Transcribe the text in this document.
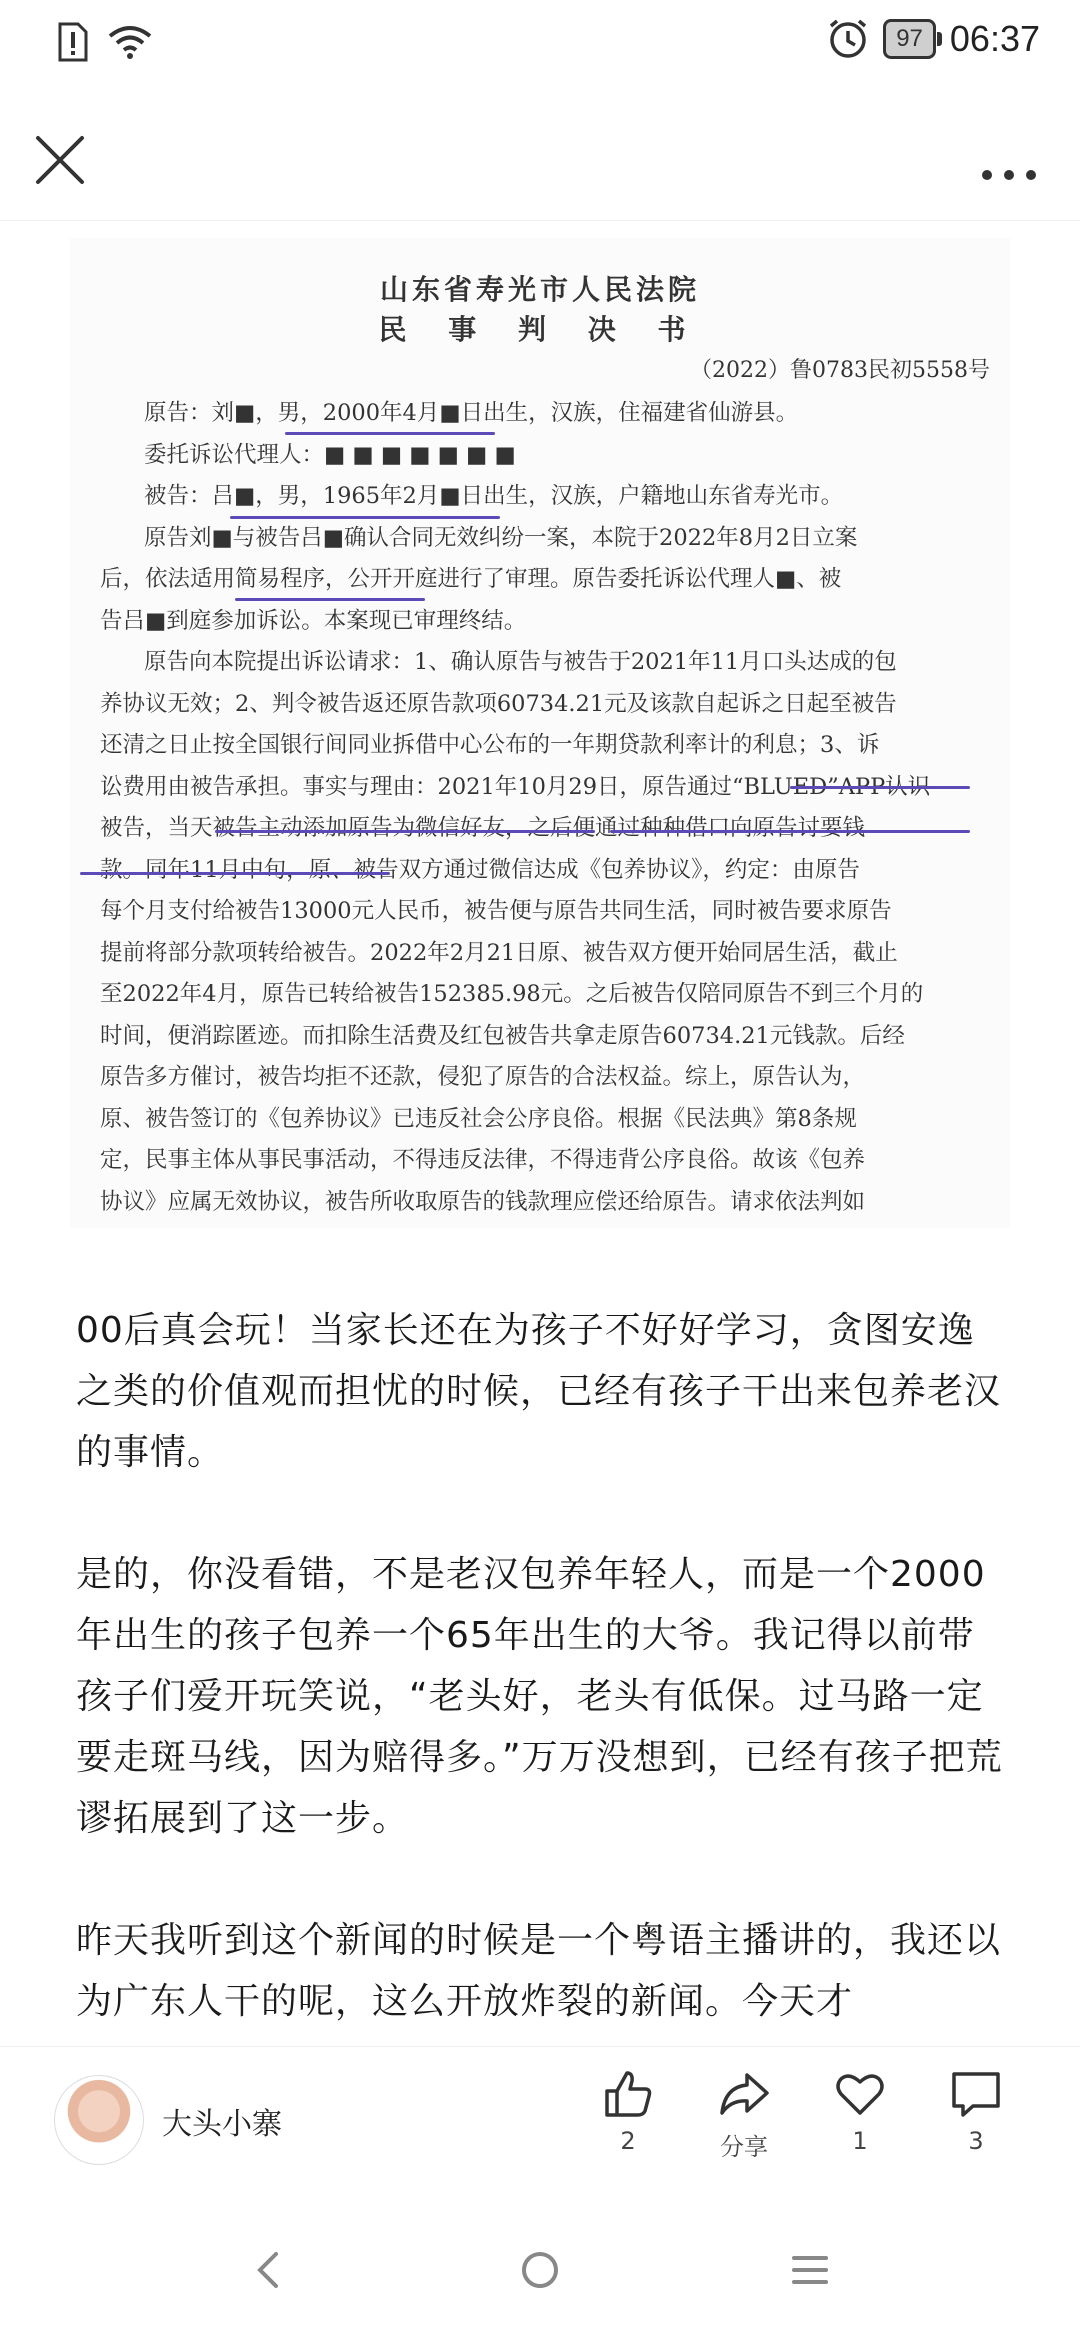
97 06:37
山东省寿光市人民法院
民 事 判 决 书
（2022）鲁0783民初5558号
原告：刘■，男，2000年4月■日出生，汉族，住福建省仙游县。
委托诉讼代理人：■ ■ ■ ■ ■ ■ ■
被告：吕■，男，1965年2月■日出生，汉族，户籍地山东省寿光市。
原告刘■与被告吕■确认合同无效纠纷一案，本院于2022年8月2日立案
后，依法适用简易程序，公开开庭进行了审理。原告委托诉讼代理人■、被
告吕■到庭参加诉讼。本案现已审理终结。
原告向本院提出诉讼请求：1、确认原告与被告于2021年11月口头达成的包
养协议无效；2、判令被告返还原告款项60734.21元及该款自起诉之日起至被告
还清之日止按全国银行间同业拆借中心公布的一年期贷款利率计的利息；3、诉
讼费用由被告承担。事实与理由：2021年10月29日，原告通过“BLUED”APP认识
被告，当天被告主动添加原告为微信好友，之后便通过种种借口向原告讨要钱
款。同年11月中旬，原、被告双方通过微信达成《包养协议》，约定：由原告
每个月支付给被告13000元人民币，被告便与原告共同生活，同时被告要求原告
提前将部分款项转给被告。2022年2月21日原、被告双方便开始同居生活，截止
至2022年4月，原告已转给被告152385.98元。之后被告仅陪同原告不到三个月的
时间，便消踪匿迹。而扣除生活费及红包被告共拿走原告60734.21元钱款。后经
原告多方催讨，被告均拒不还款，侵犯了原告的合法权益。综上，原告认为，
原、被告签订的《包养协议》已违反社会公序良俗。根据《民法典》第8条规
定，民事主体从事民事活动，不得违反法律，不得违背公序良俗。故该《包养
协议》应属无效协议，被告所收取原告的钱款理应偿还给原告。请求依法判如

00后真会玩！当家长还在为孩子不好好学习，贪图安逸之类的价值观而担忧的时候，已经有孩子干出来包养老汉的事情。

是的，你没看错，不是老汉包养年轻人，而是一个2000年出生的孩子包养一个65年出生的大爷。我记得以前带孩子们爱开玩笑说，“老头好，老头有低保。过马路一定要走斑马线，因为赔得多。”万万没想到，已经有孩子把荒谬拓展到了这一步。

昨天我听到这个新闻的时候是一个粤语主播讲的，我还以为广东人干的呢，这么开放炸裂的新闻。今天才

大头小寨	2	分享	1	3
